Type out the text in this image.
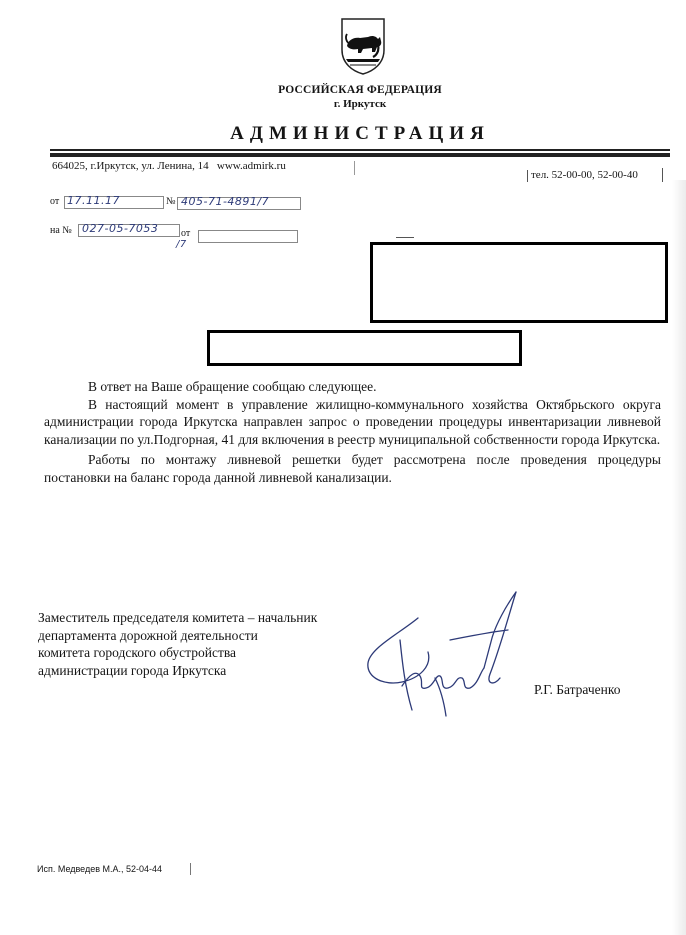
РОССИЙСКАЯ ФЕДЕРАЦИЯ
г. Иркутск
АДМИНИСТРАЦИЯ
664025, г.Иркутск, ул. Ленина, 14 www.admirk.ru
тел. 52-00-00, 52-00-40
от 17.11.17	№ 405-71-4891/7
на № 027-05-7053 от
/7

В ответ на Ваше обращение сообщаю следующее.

В настоящий момент в управление жилищно-коммунального хозяйства Октябрьского округа администрации города Иркутска направлен запрос о проведении процедуры инвентаризации ливневой канализации по ул.Подгорная, 41 для включения в реестр муниципальной собственности города Иркутска.

Работы по монтажу ливневой решетки будет рассмотрена после проведения процедуры постановки на баланс города данной ливневой канализации.

Заместитель председателя комитета – начальник
департамента дорожной деятельности
комитета городского обустройства
администрации города Иркутска
Р.Г. Батраченко
Исп. Медведев М.А., 52-04-44
